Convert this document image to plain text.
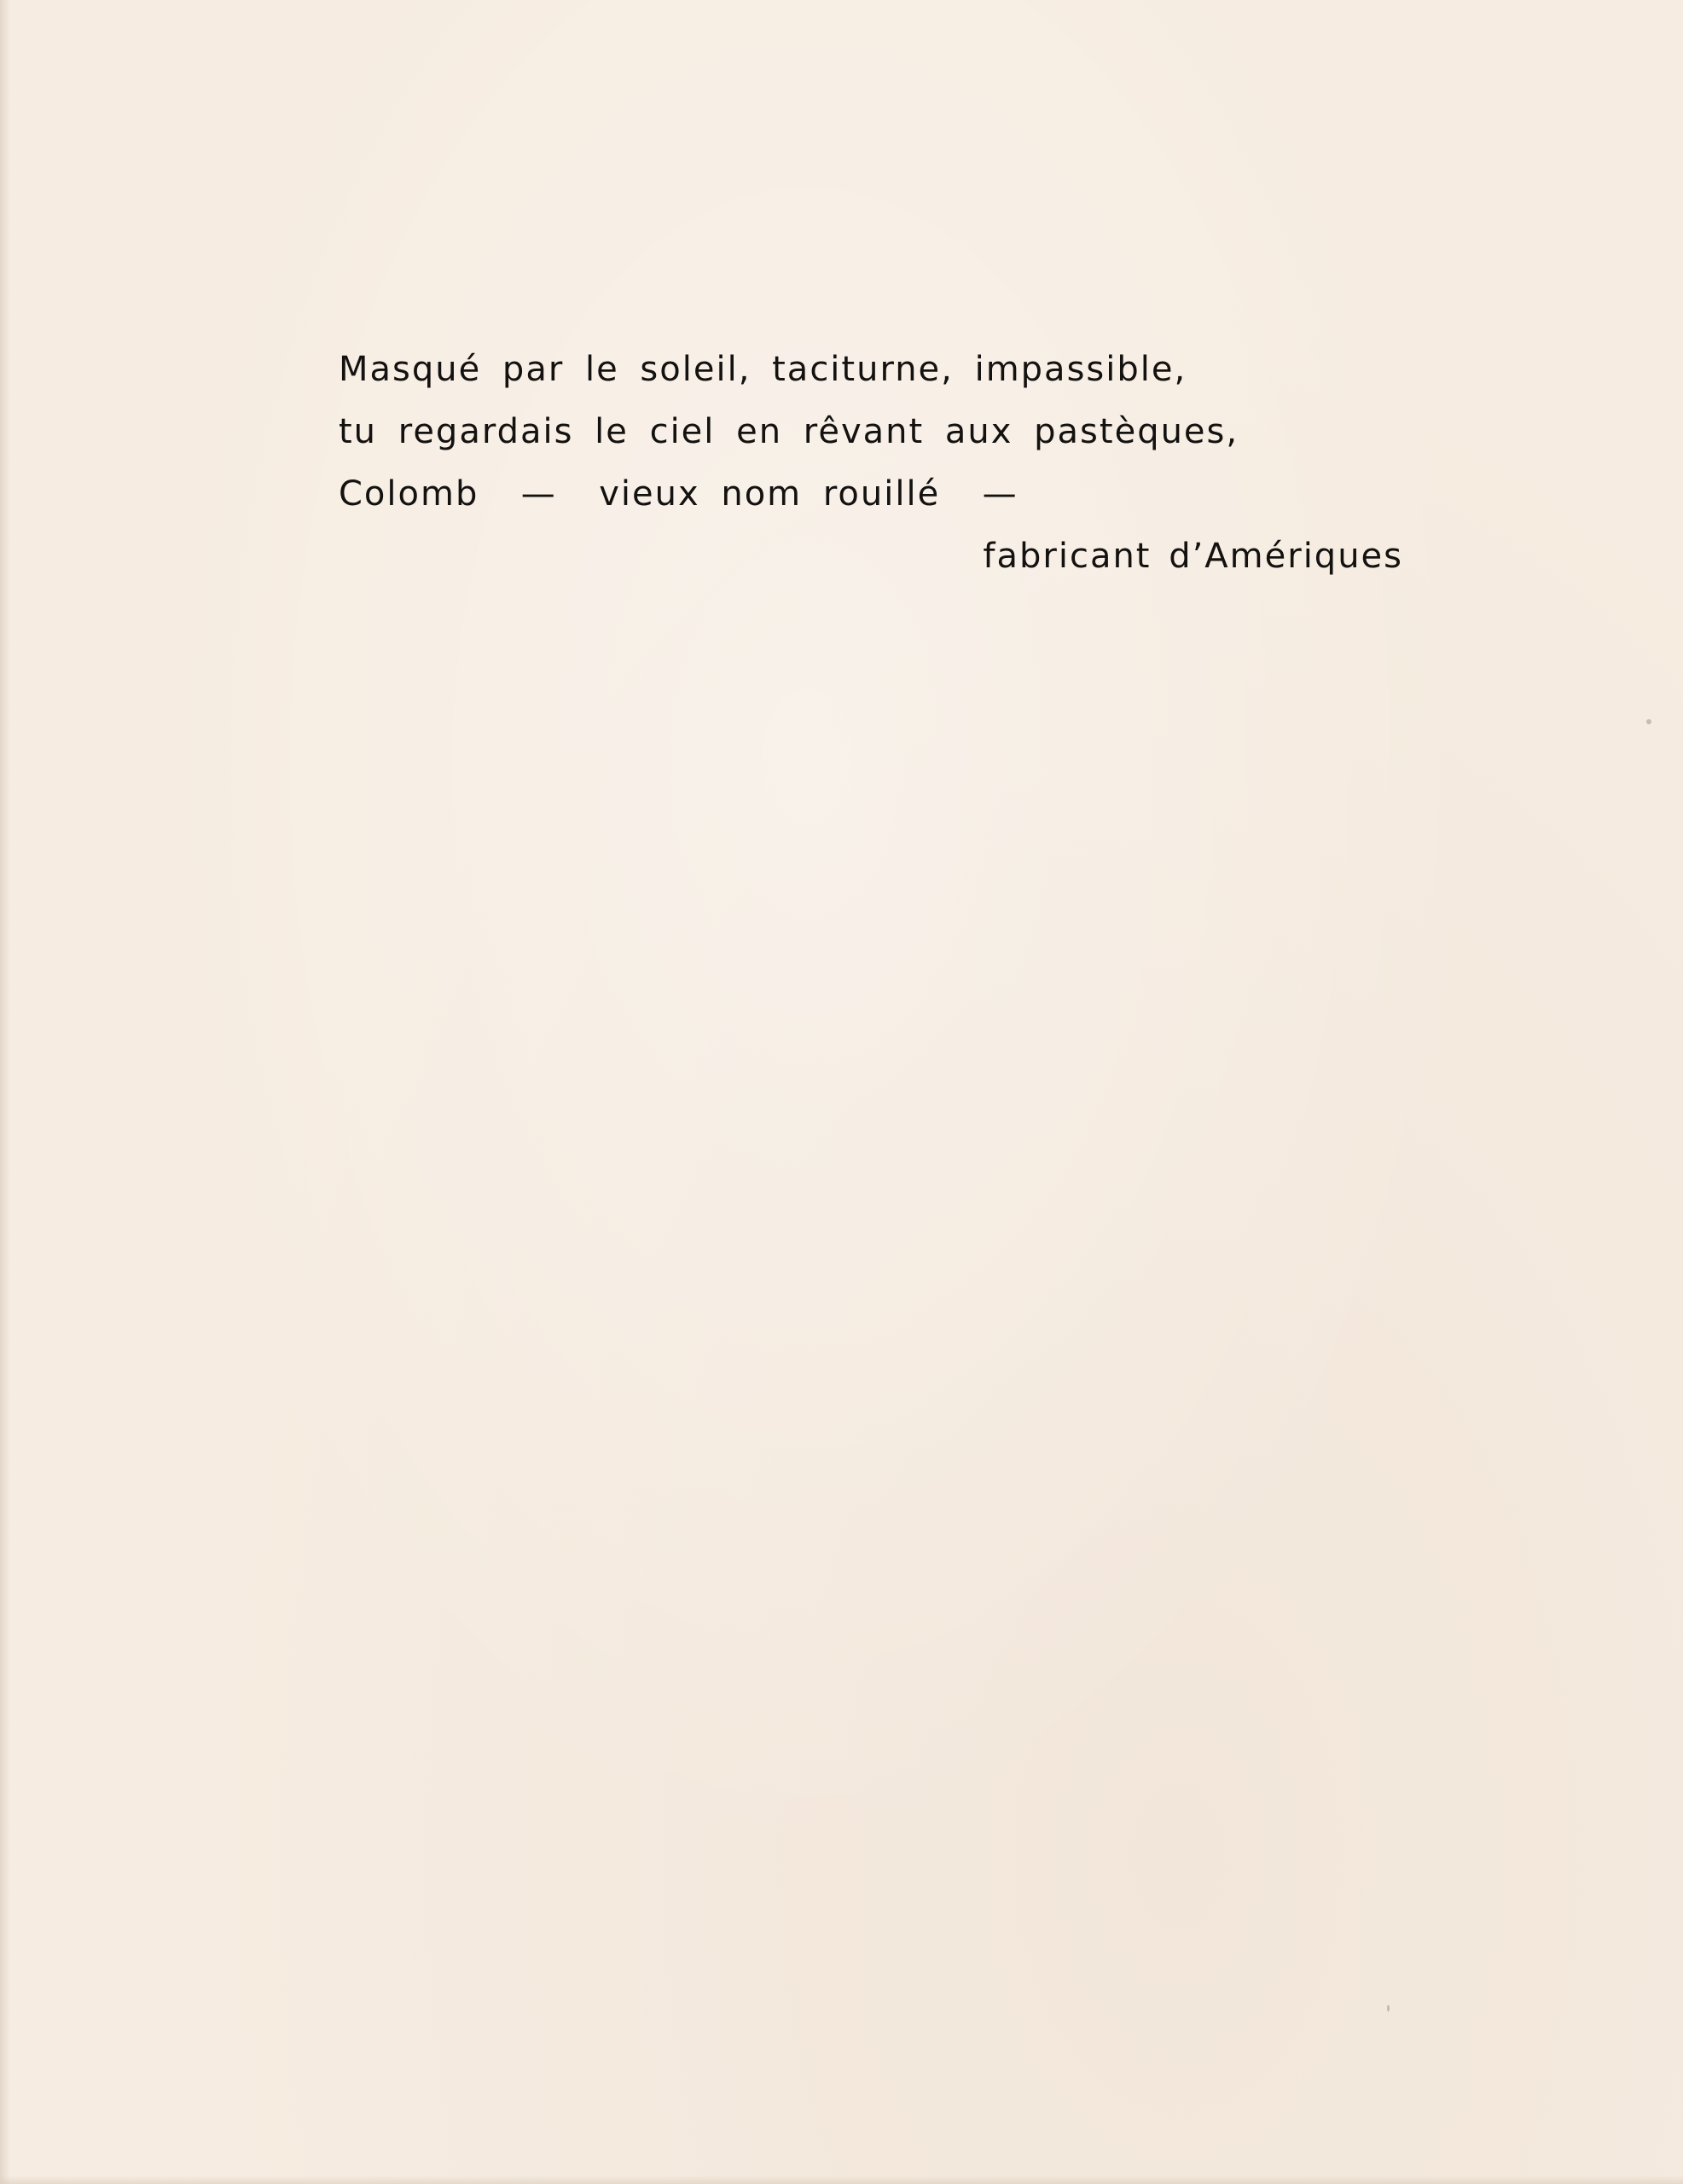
Masqué par le soleil, taciturne, impassible,
tu regardais le ciel en rêvant aux pastèques,
Colomb  —  vieux nom rouillé  —
fabricant d’Amériques
